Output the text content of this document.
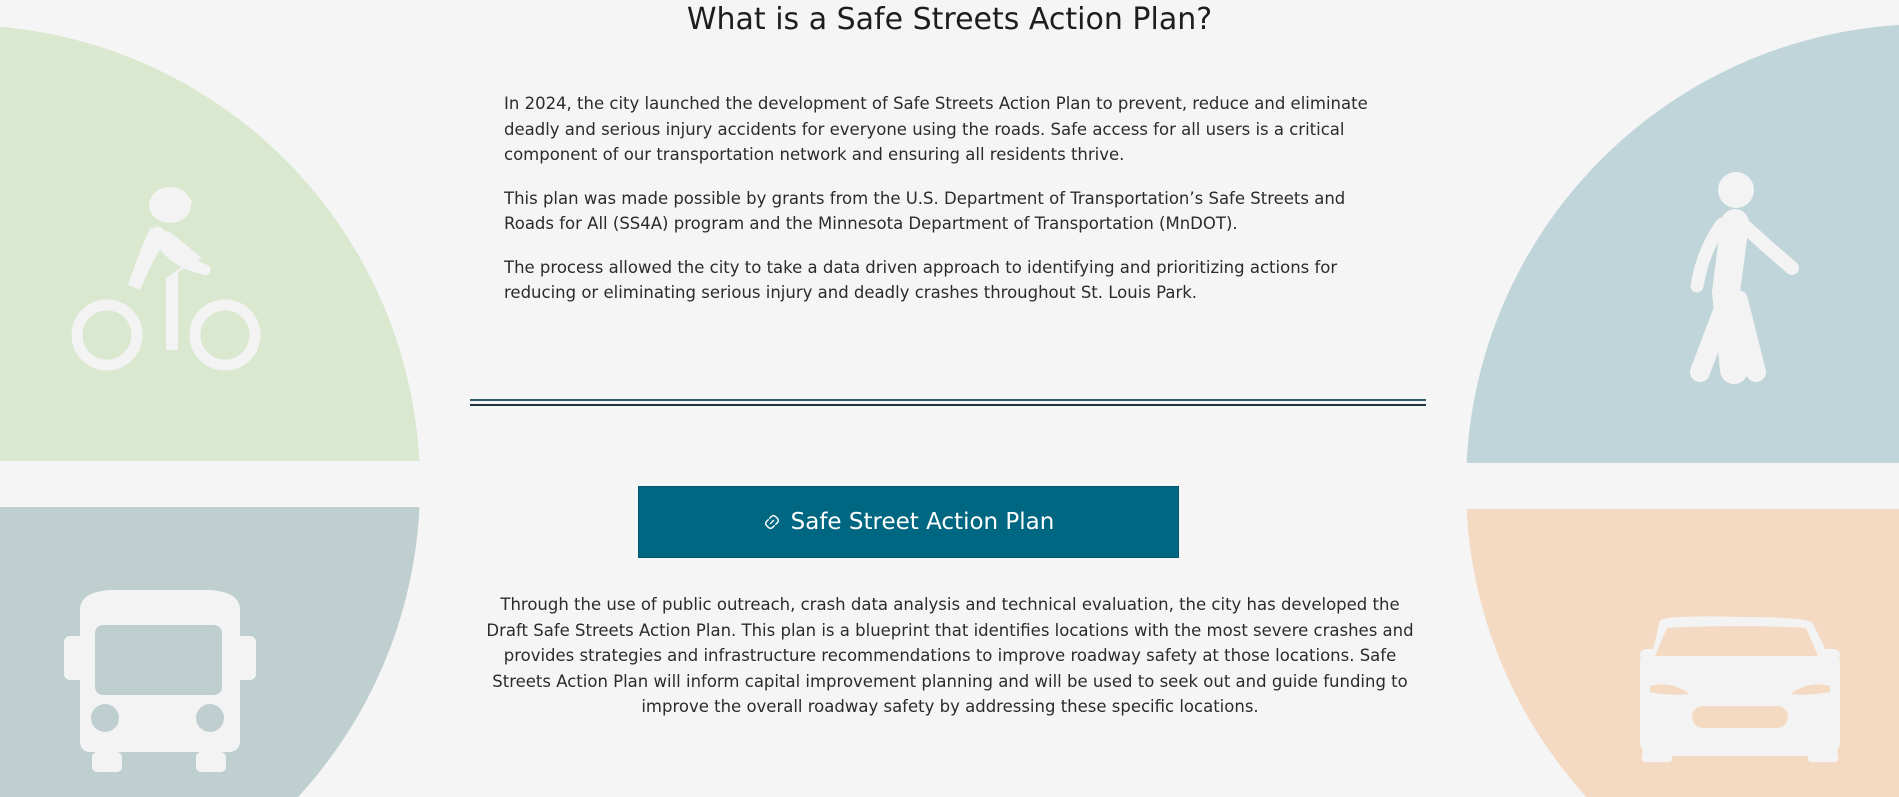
What is a Safe Streets Action Plan?

In 2024, the city launched the development of Safe Streets Action Plan to prevent, reduce and eliminate deadly and serious injury accidents for everyone using the roads. Safe access for all users is a critical component of our transportation network and ensuring all residents thrive.

This plan was made possible by grants from the U.S. Department of Transportation’s Safe Streets and Roads for All (SS4A) program and the Minnesota Department of Transportation (MnDOT).

The process allowed the city to take a data driven approach to identifying and prioritizing actions for reducing or eliminating serious injury and deadly crashes throughout St. Louis Park.

Safe Street Action Plan

Through the use of public outreach, crash data analysis and technical evaluation, the city has developed the Draft Safe Streets Action Plan. This plan is a blueprint that identifies locations with the most severe crashes and provides strategies and infrastructure recommendations to improve roadway safety at those locations. Safe Streets Action Plan will inform capital improvement planning and will be used to seek out and guide funding to improve the overall roadway safety by addressing these specific locations.
